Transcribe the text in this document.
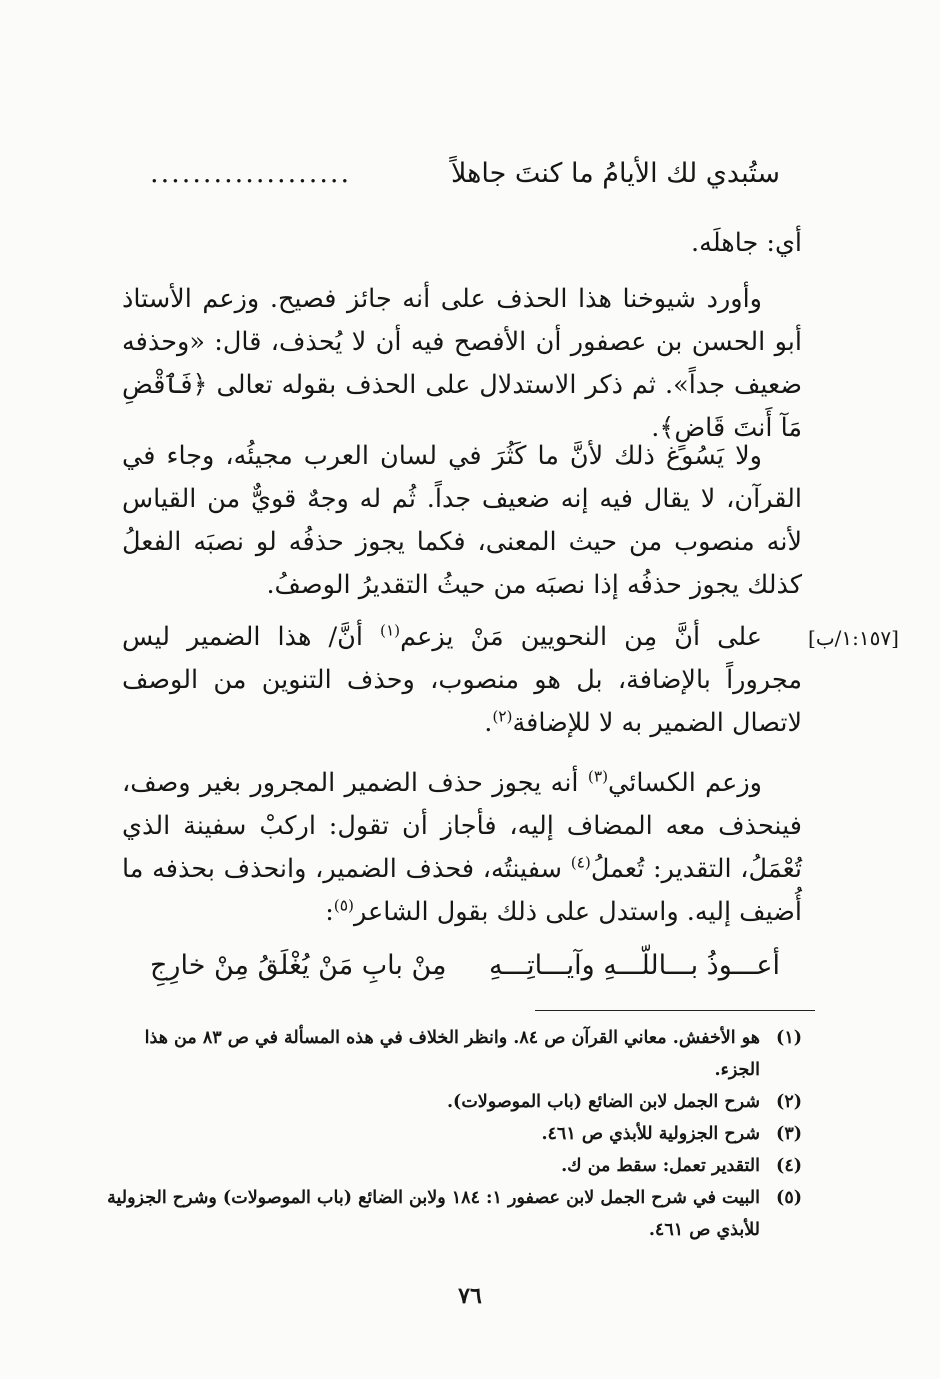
ستُبدي لك الأيامُ ما كنتَ جاهلاً
...................
أي: جاهلَه.
وأورد شيوخنا هذا الحذف على أنه جائز فصيح. وزعم الأستاذ أبو الحسن بن عصفور أن الأفصح فيه أن لا يُحذف، قال: «وحذفه ضعيف جداً». ثم ذكر الاستدلال على الحذف بقوله تعالى ﴿فَٱقْضِ مَآ أَنتَ قَاضٍ﴾.
ولا يَسُوغ ذلك لأنَّ ما كَثُرَ في لسان العرب مجيئُه، وجاء في القرآن، لا يقال فيه إنه ضعيف جداً. ثُم له وجهٌ قويٌّ من القياس لأنه منصوب من حيث المعنى، فكما يجوز حذفُه لو نصبَه الفعلُ كذلك يجوز حذفُه إذا نصبَه من حيثُ التقديرُ الوصفُ.
[١:١٥٧/ب]
على أنَّ مِن النحويين مَنْ يزعم$^{(١)}$ أنَّ/ هذا الضمير ليس مجروراً بالإضافة، بل هو منصوب، وحذف التنوين من الوصف لاتصال الضمير به لا للإضافة$^{(٢)}$.
وزعم الكسائي$^{(٣)}$ أنه يجوز حذف الضمير المجرور بغير وصف، فينحذف معه المضاف إليه، فأجاز أن تقول: اركبْ سفينة الذي تُعْمَلُ، التقدير: تُعملُ$^{(٤)}$ سفينتُه، فحذف الضمير، وانحذف بحذفه ما أُضيف إليه. واستدل على ذلك بقول الشاعر$^{(٥)}$:
أعـــوذُ بـــاللّـــهِ وآيـــاتِـــهِ
مِنْ بابِ مَنْ يُغْلَقُ مِنْ خارِجِ
(١)
هو الأخفش. معاني القرآن ص ٨٤. وانظر الخلاف في هذه المسألة في ص ٨٣ من هذا الجزء.
(٢)
شرح الجمل لابن الضائع (باب الموصولات).
(٣)
شرح الجزولية للأبذي ص ٤٦١.
(٤)
التقدير تعمل: سقط من ك.
(٥)
البيت في شرح الجمل لابن عصفور ١: ١٨٤ ولابن الضائع (باب الموصولات) وشرح الجزولية للأبذي ص ٤٦١.
٧٦
